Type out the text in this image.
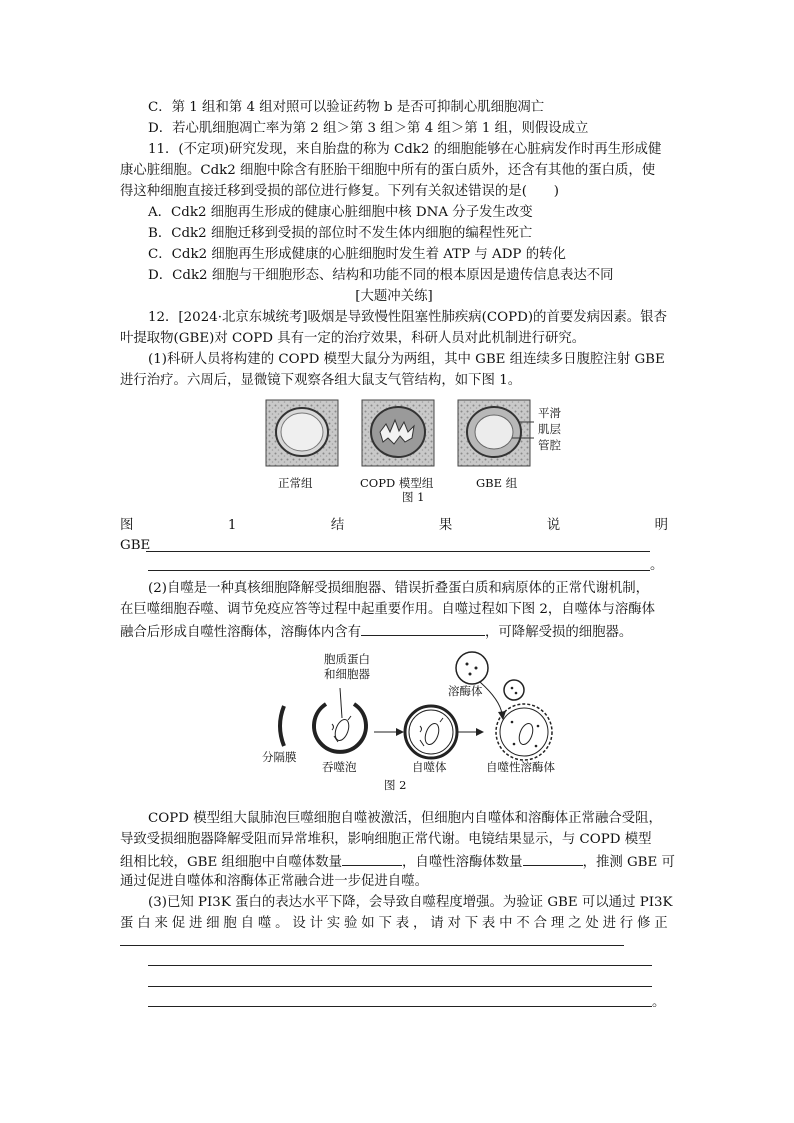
C．第 1 组和第 4 组对照可以验证药物 b 是否可抑制心肌细胞凋亡
D．若心肌细胞凋亡率为第 2 组＞第 3 组＞第 4 组＞第 1 组，则假设成立
11．(不定项)研究发现，来自胎盘的称为 Cdk2 的细胞能够在心脏病发作时再生形成健
康心脏细胞。Cdk2 细胞中除含有胚胎干细胞中所有的蛋白质外，还含有其他的蛋白质，使
得这种细胞直接迁移到受损的部位进行修复。下列有关叙述错误的是(　　)
A．Cdk2 细胞再生形成的健康心脏细胞中核 DNA 分子发生改变
B．Cdk2 细胞迁移到受损的部位时不发生体内细胞的编程性死亡
C．Cdk2 细胞再生形成健康的心脏细胞时发生着 ATP 与 ADP 的转化
D．Cdk2 细胞与干细胞形态、结构和功能不同的根本原因是遗传信息表达不同
[大题冲关练]
12．[2024·北京东城统考]吸烟是导致慢性阻塞性肺疾病(COPD)的首要发病因素。银杏
叶提取物(GBE)对 COPD 具有一定的治疗效果，科研人员对此机制进行研究。
(1)科研人员将构建的 COPD 模型大鼠分为两组，其中 GBE 组连续多日腹腔注射 GBE
进行治疗。六周后，显微镜下观察各组大鼠支气管结构，如下图 1。
平滑
肌层
管腔
正常组	COPD 模型组	GBE 组
图 1
图	1	结	果	说	明
GBE
。
(2)自噬是一种真核细胞降解受损细胞器、错误折叠蛋白质和病原体的正常代谢机制，
在巨噬细胞吞噬、调节免疫应答等过程中起重要作用。自噬过程如下图 2，自噬体与溶酶体
融合后形成自噬性溶酶体，溶酶体内含有	，可降解受损的细胞器。
胞质蛋白
和细胞器
溶酶体
分隔膜
吞噬泡	自噬体	自噬性溶酶体
图 2
COPD 模型组大鼠肺泡巨噬细胞自噬被激活，但细胞内自噬体和溶酶体正常融合受阻，
导致受损细胞器降解受阻而异常堆积，影响细胞正常代谢。电镜结果显示，与 COPD 模型
组相比较，GBE 组细胞中自噬体数量	，自噬性溶酶体数量	，推测 GBE 可
通过促进自噬体和溶酶体正常融合进一步促进自噬。
(3)已知 PI3K 蛋白的表达水平下降，会导致自噬程度增强。为验证 GBE 可以通过 PI3K
蛋 白 来 促 进 细 胞 自 噬 。 设 计 实 验 如 下 表 ， 请 对 下 表 中 不 合 理 之 处 进 行 修 正
。
